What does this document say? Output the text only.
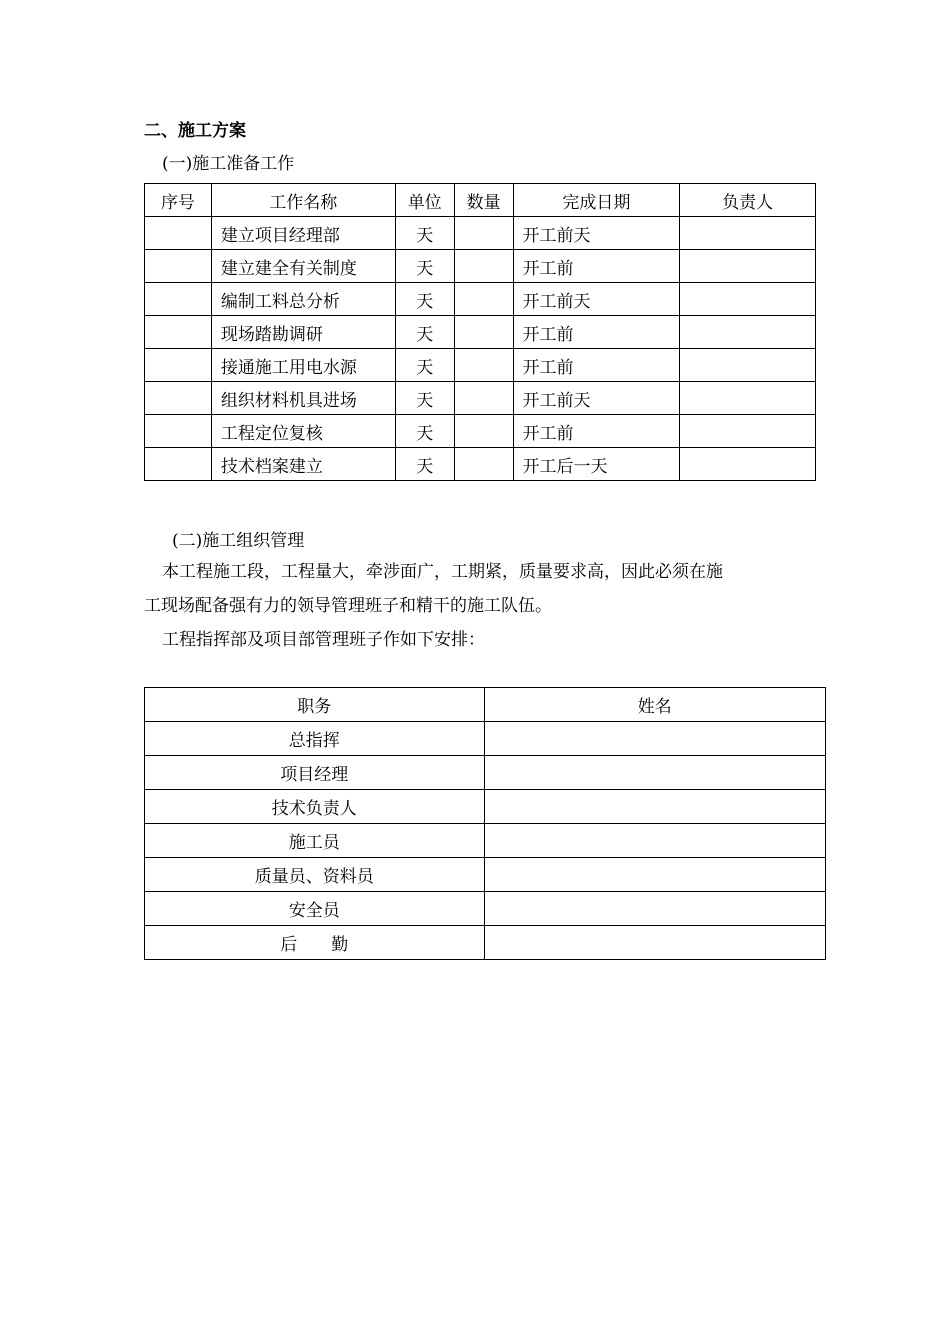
二、施工方案
(一)施工准备工作
序号	工作名称	单位	数量	完成日期	负责人
	建立项目经理部	天		开工前天	
	建立建全有关制度	天		开工前	
	编制工料总分析	天		开工前天	
	现场踏勘调研	天		开工前	
	接通施工用电水源	天		开工前	
	组织材料机具进场	天		开工前天	
	工程定位复核	天		开工前	
	技术档案建立	天		开工后一天	
(二)施工组织管理
本工程施工段，工程量大，牵涉面广，工期紧，质量要求高，因此必须在施
工现场配备强有力的领导管理班子和精干的施工队伍。
工程指挥部及项目部管理班子作如下安排：
职务	姓名
总指挥	
项目经理	
技术负责人	
施工员	
质量员、资料员	
安全员	
后　　勤	
